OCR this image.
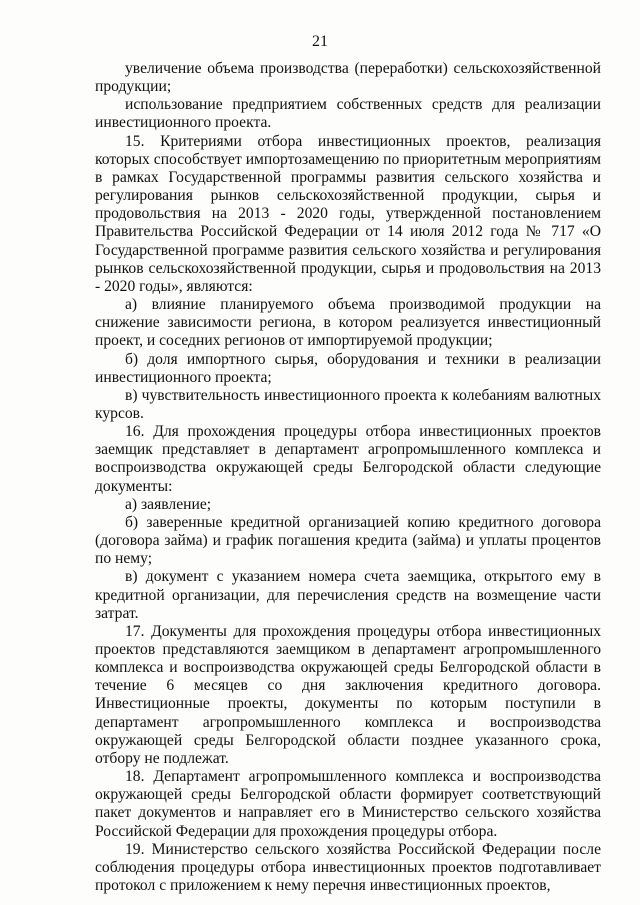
21

увеличение объема производства (переработки) сельскохозяйственной продукции;

использование предприятием собственных средств для реализации инвестиционного проекта.

15. Критериями отбора инвестиционных проектов, реализация которых способствует импортозамещению по приоритетным мероприятиям в рамках Государственной программы развития сельского хозяйства и регулирования рынков сельскохозяйственной продукции, сырья и продовольствия на 2013 - 2020 годы, утвержденной постановлением Правительства Российской Федерации от 14 июля 2012 года № 717 «О Государственной программе развития сельского хозяйства и регулирования рынков сельскохозяйственной продукции, сырья и продовольствия на 2013 - 2020 годы», являются:

а) влияние планируемого объема производимой продукции на снижение зависимости региона, в котором реализуется инвестиционный проект, и соседних регионов от импортируемой продукции;

б) доля импортного сырья, оборудования и техники в реализации инвестиционного проекта;

в) чувствительность инвестиционного проекта к колебаниям валютных курсов.

16. Для прохождения процедуры отбора инвестиционных проектов заемщик представляет в департамент агропромышленного комплекса и воспроизводства окружающей среды Белгородской области следующие документы:

а) заявление;

б) заверенные кредитной организацией копию кредитного договора (договора займа) и график погашения кредита (займа) и уплаты процентов по нему;

в) документ с указанием номера счета заемщика, открытого ему в кредитной организации, для перечисления средств на возмещение части затрат.

17. Документы для прохождения процедуры отбора инвестиционных проектов представляются заемщиком в департамент агропромышленного комплекса и воспроизводства окружающей среды Белгородской области в течение 6 месяцев со дня заключения кредитного договора. Инвестиционные проекты, документы по которым поступили в департамент агропромышленного комплекса и воспроизводства окружающей среды Белгородской области позднее указанного срока, отбору не подлежат.

18. Департамент агропромышленного комплекса и воспроизводства окружающей среды Белгородской области формирует соответствующий пакет документов и направляет его в Министерство сельского хозяйства Российской Федерации для прохождения процедуры отбора.

19. Министерство сельского хозяйства Российской Федерации после соблюдения процедуры отбора инвестиционных проектов подготавливает протокол с приложением к нему перечня инвестиционных проектов,
